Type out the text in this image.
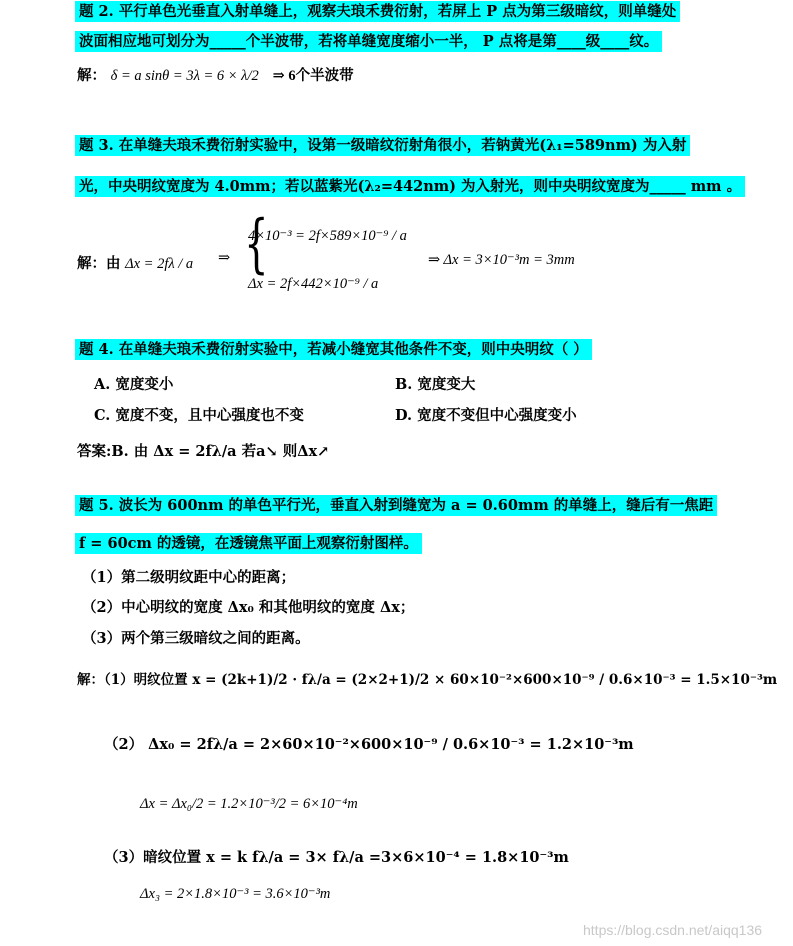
题 2. 平行单色光垂直入射单缝上，观察夫琅禾费衍射，若屏上 P 点为第三级暗纹，则单缝处
波面相应地可划分为_____个半波带，若将单缝宽度缩小一半， P 点将是第____级____纹。
解： δ = a sinθ = 3λ = 6 × λ/2 ⇒ 6个半波带
题 3. 在单缝夫琅禾费衍射实验中，设第一级暗纹衍射角很小，若钠黄光(λ₁=589nm) 为入射
光，中央明纹宽度为 4.0mm；若以蓝紫光(λ₂=442nm) 为入射光，则中央明纹宽度为_____ mm 。
解：由 Δx = 2fλ / a ⇒ {
4×10⁻³ = 2f×589×10⁻⁹ / a
Δx = 2f×442×10⁻⁹ / a
⇒ Δx = 3×10⁻³m = 3mm
题 4. 在单缝夫琅禾费衍射实验中，若减小缝宽其他条件不变，则中央明纹（ ）
A. 宽度变小	B. 宽度变大
C. 宽度不变，且中心强度也不变	D. 宽度不变但中心强度变小
答案:B. 由 Δx = 2fλ/a 若a↘ 则Δx↗
题 5. 波长为 600nm 的单色平行光，垂直入射到缝宽为 a = 0.60mm 的单缝上，缝后有一焦距
f = 60cm 的透镜，在透镜焦平面上观察衍射图样。
（1）第二级明纹距中心的距离；
（2）中心明纹的宽度 Δx₀ 和其他明纹的宽度 Δx；
（3）两个第三级暗纹之间的距离。
解：（1）明纹位置 x = (2k+1)/2 · fλ/a = (2×2+1)/2 × 60×10⁻²×600×10⁻⁹ / 0.6×10⁻³ = 1.5×10⁻³m
（2） Δx₀ = 2fλ/a = 2×60×10⁻²×600×10⁻⁹ / 0.6×10⁻³ = 1.2×10⁻³m
Δx = Δx₀/2 = 1.2×10⁻³/2 = 6×10⁻⁴m
（3）暗纹位置 x = k fλ/a = 3× fλ/a =3×6×10⁻⁴ = 1.8×10⁻³m
Δx₃ = 2×1.8×10⁻³ = 3.6×10⁻³m
https://blog.csdn.net/aiqq136
